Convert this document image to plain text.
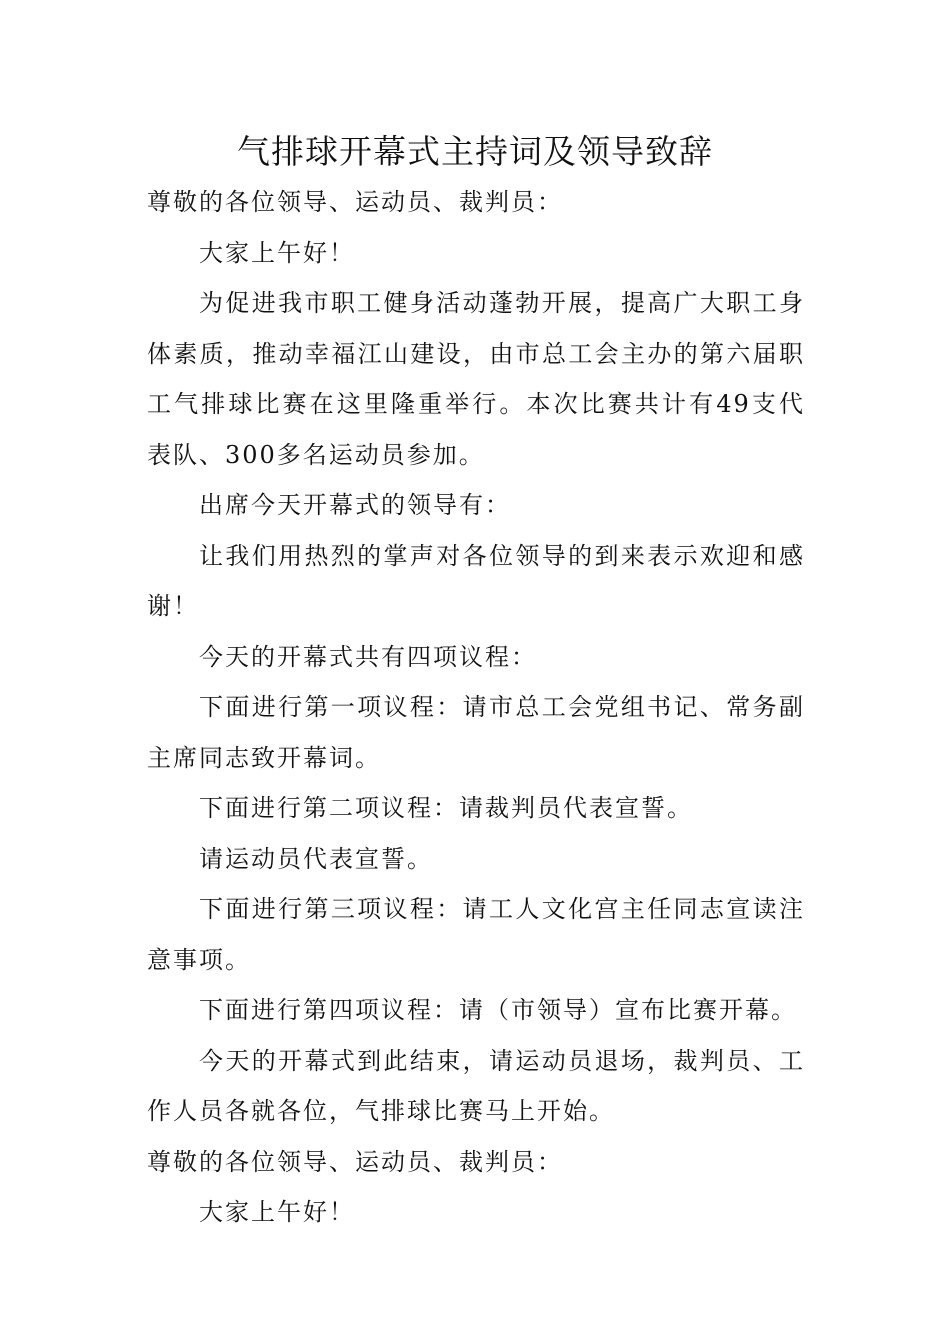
气排球开幕式主持词及领导致辞

尊敬的各位领导、运动员、裁判员：

大家上午好！

为促进我市职工健身活动蓬勃开展，提高广大职工身体素质，推动幸福江山建设，由市总工会主办的第六届职工气排球比赛在这里隆重举行。本次比赛共计有49支代表队、300多名运动员参加。

出席今天开幕式的领导有：

让我们用热烈的掌声对各位领导的到来表示欢迎和感谢！

今天的开幕式共有四项议程：

下面进行第一项议程：请市总工会党组书记、常务副主席同志致开幕词。

下面进行第二项议程：请裁判员代表宣誓。

请运动员代表宣誓。

下面进行第三项议程：请工人文化宫主任同志宣读注意事项。

下面进行第四项议程：请（市领导）宣布比赛开幕。

今天的开幕式到此结束，请运动员退场，裁判员、工作人员各就各位，气排球比赛马上开始。

尊敬的各位领导、运动员、裁判员：

大家上午好！
